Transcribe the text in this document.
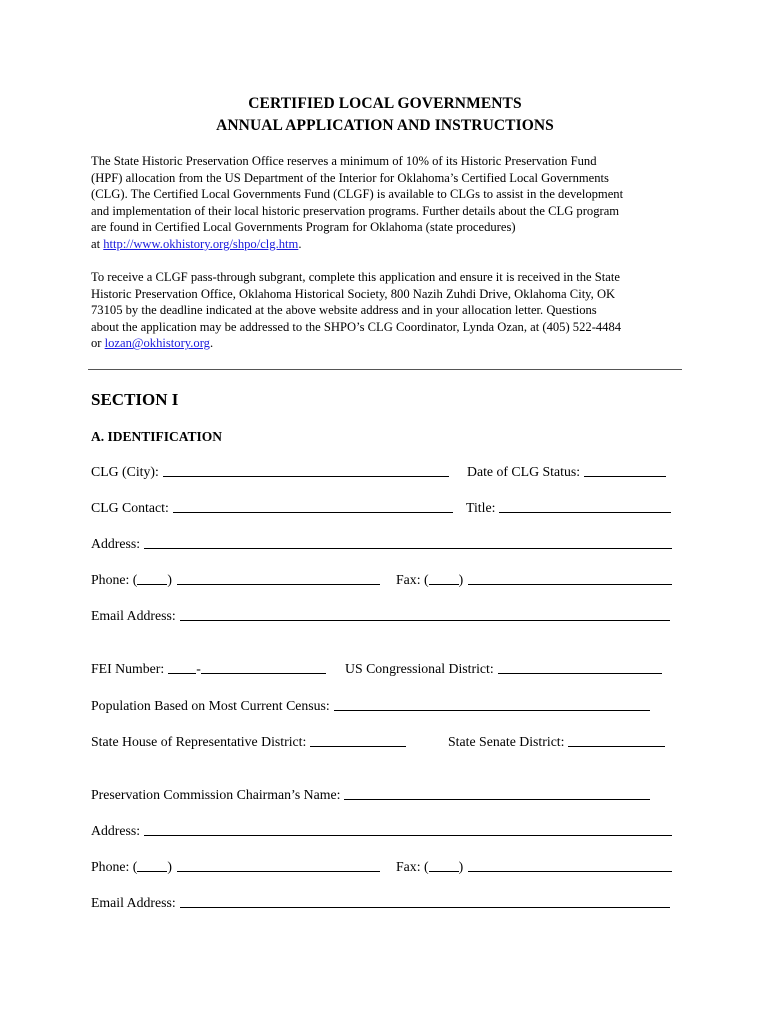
CERTIFIED LOCAL GOVERNMENTS
ANNUAL APPLICATION AND INSTRUCTIONS
The State Historic Preservation Office reserves a minimum of 10% of its Historic Preservation Fund
(HPF) allocation from the US Department of the Interior for Oklahoma’s Certified Local Governments
(CLG). The Certified Local Governments Fund (CLGF) is available to CLGs to assist in the development
and implementation of their local historic preservation programs. Further details about the CLG program
are found in Certified Local Governments Program for Oklahoma (state procedures)
at http://www.okhistory.org/shpo/clg.htm.
To receive a CLGF pass-through subgrant, complete this application and ensure it is received in the State
Historic Preservation Office, Oklahoma Historical Society, 800 Nazih Zuhdi Drive, Oklahoma City, OK
73105 by the deadline indicated at the above website address and in your allocation letter. Questions
about the application may be addressed to the SHPO’s CLG Coordinator, Lynda Ozan, at (405) 522-4484
or lozan@okhistory.org.
SECTION I
A. IDENTIFICATION
CLG (City):	Date of CLG Status:
CLG Contact:	Title:
Address:
Phone: ( )	Fax: ( )
Email Address:
FEI Number: -	US Congressional District:
Population Based on Most Current Census:
State House of Representative District:	State Senate District:
Preservation Commission Chairman’s Name:
Address:
Phone: ( )	Fax: ( )
Email Address:
